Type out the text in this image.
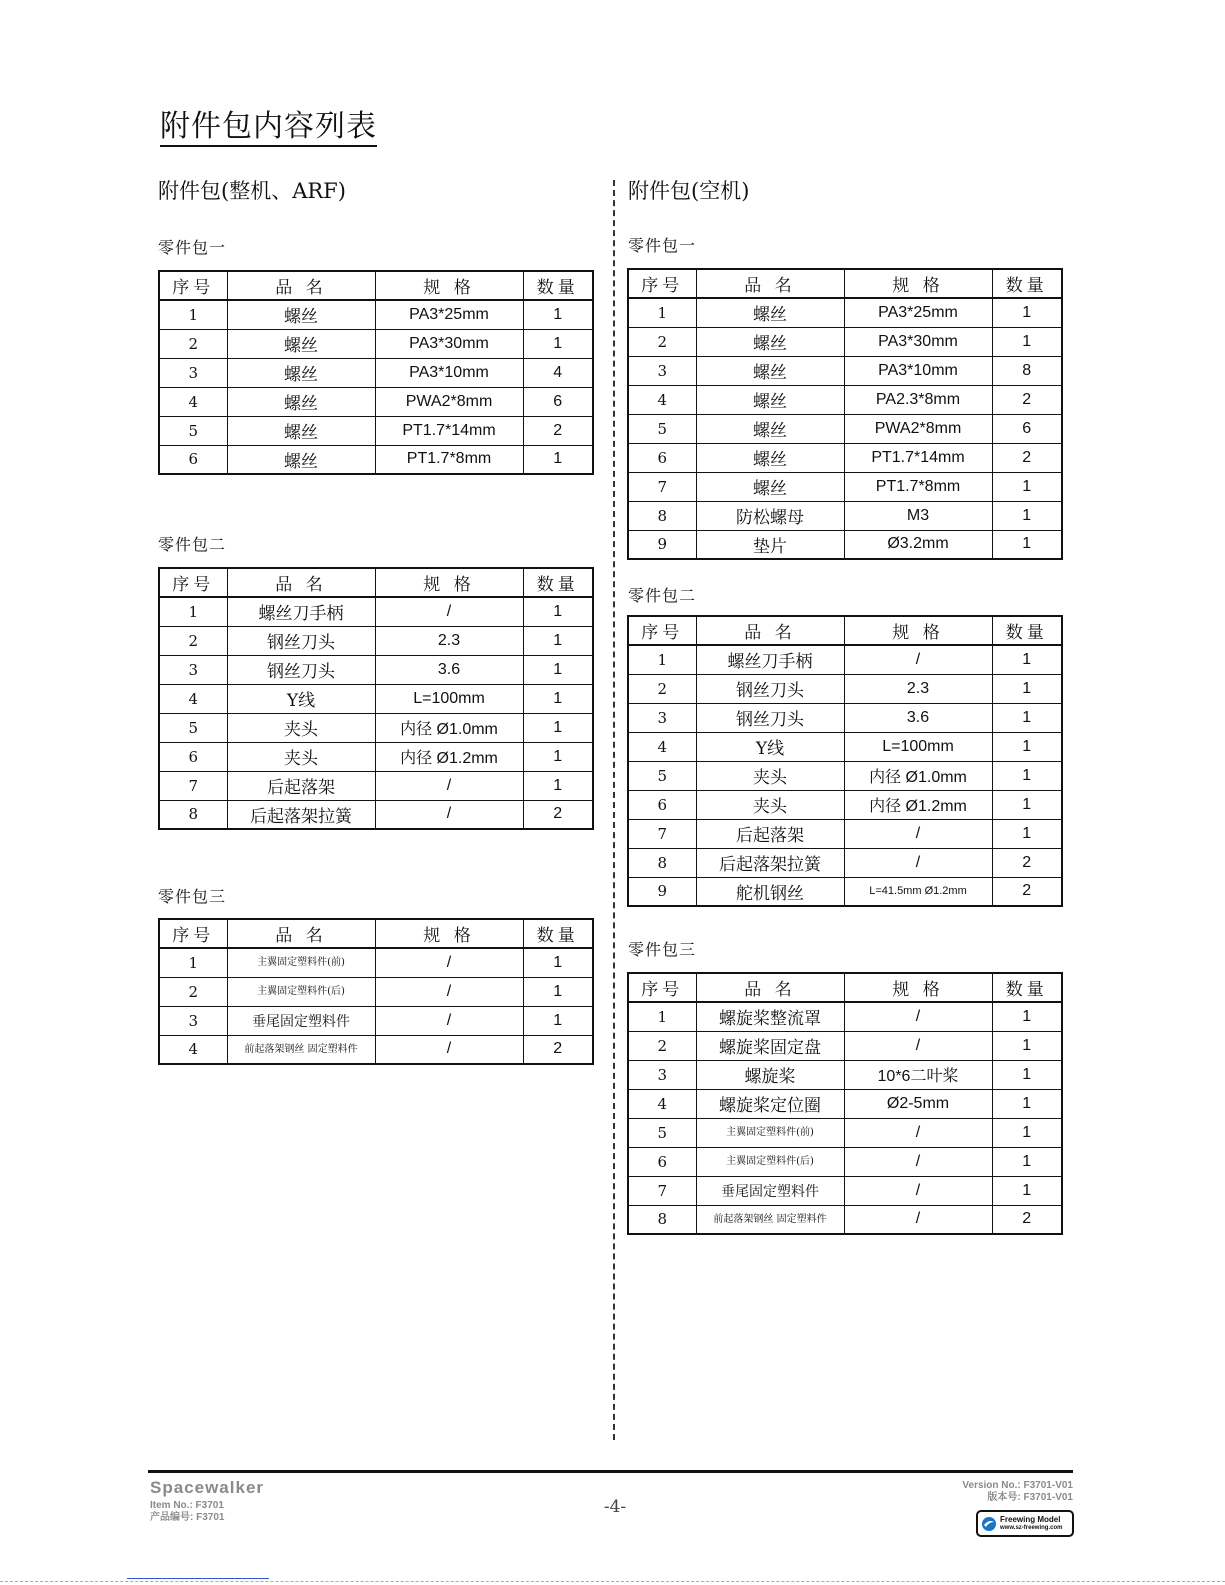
附件包内容列表
附件包(整机、ARF)	附件包(空机)
零件包一
零件包二
零件包三
零件包一
零件包二
零件包三
序号	品 名	规 格	数量
1	螺丝	PA3*25mm	1
2	螺丝	PA3*30mm	1
3	螺丝	PA3*10mm	4
4	螺丝	PWA2*8mm	6
5	螺丝	PT1.7*14mm	2
6	螺丝	PT1.7*8mm	1
序号	品 名	规 格	数量
1	螺丝刀手柄	/	1
2	钢丝刀头	2.3	1
3	钢丝刀头	3.6	1
4	Y线	L=100mm	1
5	夹头	内径 Ø1.0mm	1
6	夹头	内径 Ø1.2mm	1
7	后起落架	/	1
8	后起落架拉簧	/	2
序号	品 名	规 格	数量
1	主翼固定塑料件(前)	/	1
2	主翼固定塑料件(后)	/	1
3	垂尾固定塑料件	/	1
4	前起落架钢丝 固定塑料件	/	2
序号	品 名	规 格	数量
1	螺丝	PA3*25mm	1
2	螺丝	PA3*30mm	1
3	螺丝	PA3*10mm	8
4	螺丝	PA2.3*8mm	2
5	螺丝	PWA2*8mm	6
6	螺丝	PT1.7*14mm	2
7	螺丝	PT1.7*8mm	1
8	防松螺母	M3	1
9	垫片	Ø3.2mm	1
序号	品 名	规 格	数量
1	螺丝刀手柄	/	1
2	钢丝刀头	2.3	1
3	钢丝刀头	3.6	1
4	Y线	L=100mm	1
5	夹头	内径 Ø1.0mm	1
6	夹头	内径 Ø1.2mm	1
7	后起落架	/	1
8	后起落架拉簧	/	2
9	舵机钢丝	L=41.5mm Ø1.2mm	2
序号	品 名	规 格	数量
1	螺旋桨整流罩	/	1
2	螺旋桨固定盘	/	1
3	螺旋桨	10*6二叶桨	1
4	螺旋桨定位圈	Ø2-5mm	1
5	主翼固定塑料件(前)	/	1
6	主翼固定塑料件(后)	/	1
7	垂尾固定塑料件	/	1
8	前起落架钢丝 固定塑料件	/	2
Spacewalker
Item No.: F3701
产品编号: F3701
-4-
Version No.: F3701-V01
版本号: F3701-V01
Freewing Model
www.sz-freewing.com
